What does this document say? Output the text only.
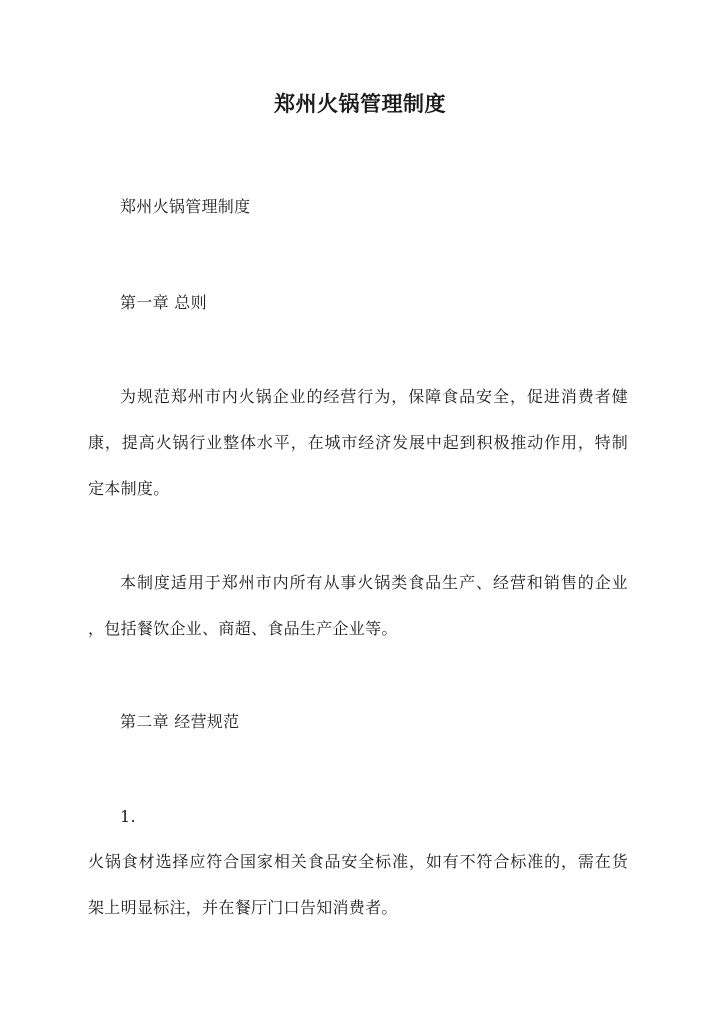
郑州火锅管理制度
郑州火锅管理制度
第一章 总则
为规范郑州市内火锅企业的经营行为，保障食品安全，促进消费者健
康，提高火锅行业整体水平，在城市经济发展中起到积极推动作用，特制
定本制度。
本制度适用于郑州市内所有从事火锅类食品生产、经营和销售的企业
，包括餐饮企业、商超、食品生产企业等。
第二章 经营规范
1.
火锅食材选择应符合国家相关食品安全标准，如有不符合标准的，需在货
架上明显标注，并在餐厅门口告知消费者。
